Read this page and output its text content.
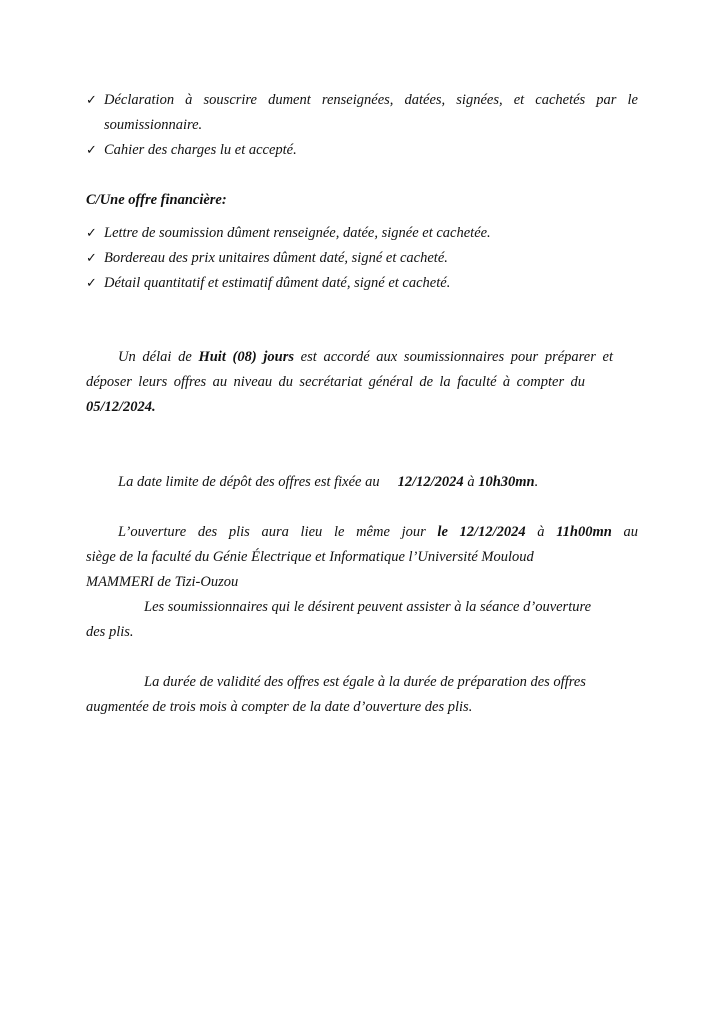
✓ Déclaration à souscrire dument renseignées, datées, signées, et cachetés par le
soumissionnaire.
✓ Cahier des charges lu et accepté.
C/Une offre financière:
✓ Lettre de soumission dûment renseignée, datée, signée et cachetée.
✓ Bordereau des prix unitaires dûment daté, signé et cacheté.
✓ Détail quantitatif et estimatif dûment daté, signé et cacheté.
Un délai de Huit (08) jours est accordé aux soumissionnaires pour préparer et
déposer leurs offres au niveau du secrétariat général de la faculté à compter du
05/12/2024.
La date limite de dépôt des offres est fixée au 12/12/2024 à 10h30mn.
L’ouverture des plis aura lieu le même jour le 12/12/2024 à 11h00mn au
siège de la faculté du Génie Électrique et Informatique l’Université Mouloud
MAMMERI de Tizi-Ouzou
Les soumissionnaires qui le désirent peuvent assister à la séance d’ouverture
des plis.
La durée de validité des offres est égale à la durée de préparation des offres
augmentée de trois mois à compter de la date d’ouverture des plis.
